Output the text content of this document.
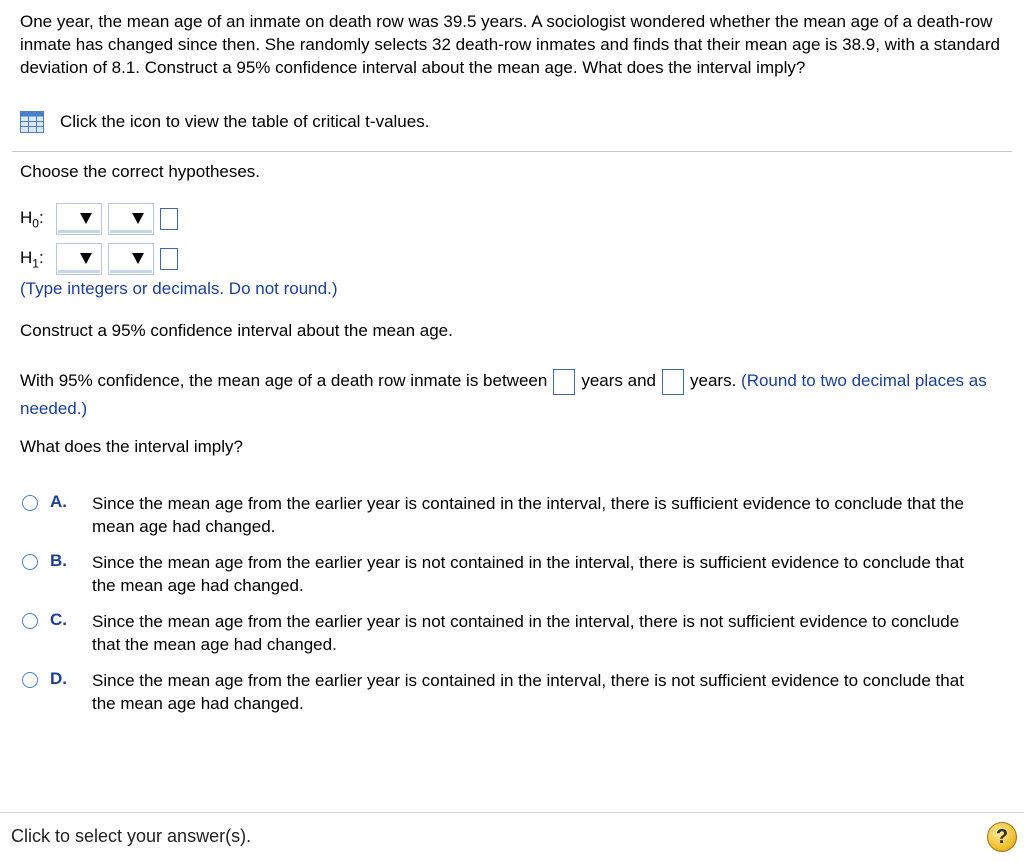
One year, the mean age of an inmate on death row was 39.5 years. A sociologist wondered whether the mean age of a death-row inmate has changed since then. She randomly selects 32 death-row inmates and finds that their mean age is 38.9, with a standard deviation of 8.1. Construct a 95% confidence interval about the mean age. What does the interval imply?
Click the icon to view the table of critical t-values.
Choose the correct hypotheses.
$H_0$:
$H_1$:
(Type integers or decimals. Do not round.)
Construct a 95% confidence interval about the mean age.
With 95% confidence, the mean age of a death row inmate is between years and years. (Round to two decimal places as needed.)
What does the interval imply?
A.	Since the mean age from the earlier year is contained in the interval, there is sufficient evidence to conclude that the mean age had changed.
B.	Since the mean age from the earlier year is not contained in the interval, there is sufficient evidence to conclude that the mean age had changed.
C.	Since the mean age from the earlier year is not contained in the interval, there is not sufficient evidence to conclude that the mean age had changed.
D.	Since the mean age from the earlier year is contained in the interval, there is not sufficient evidence to conclude that the mean age had changed.
Click to select your answer(s).	?
